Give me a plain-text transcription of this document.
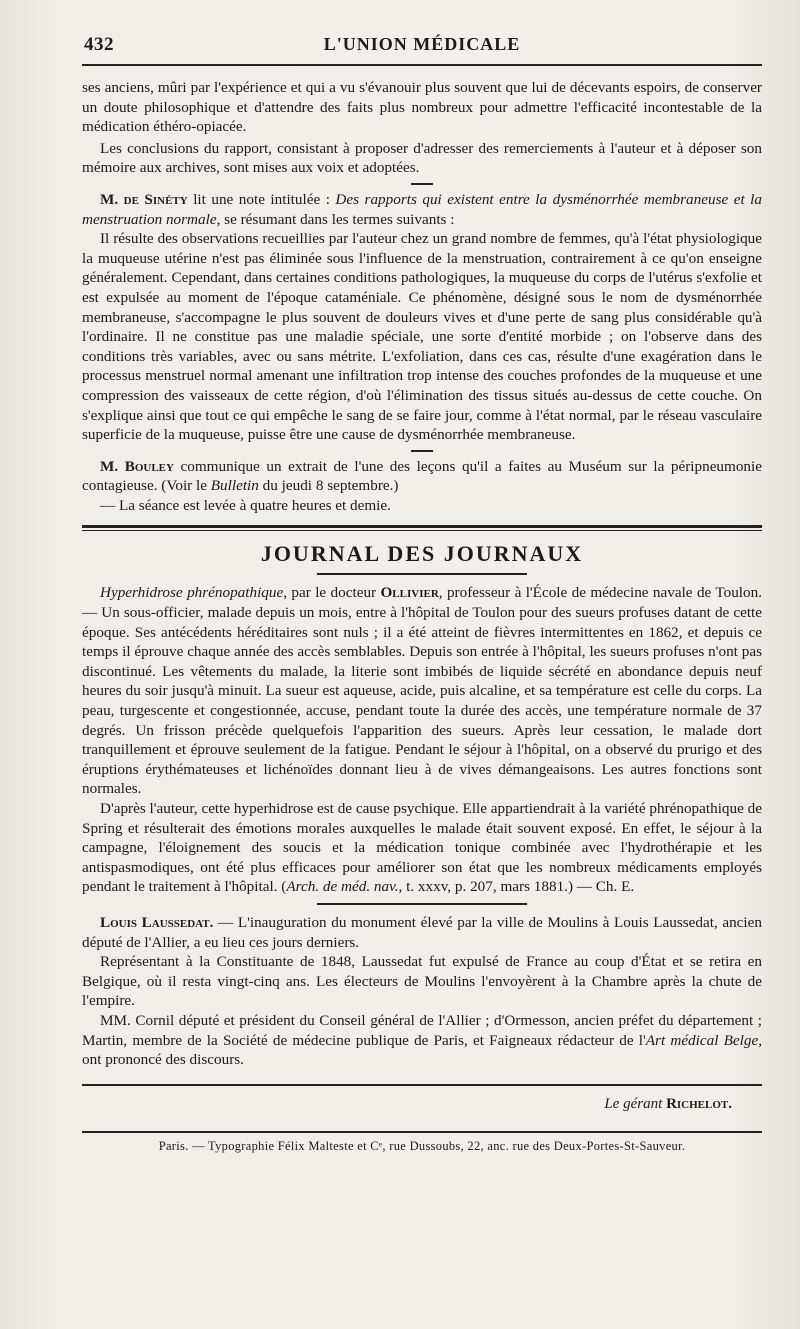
432	L'UNION MÉDICALE

ses anciens, mûri par l'expérience et qui a vu s'évanouir plus souvent que lui de décevants espoirs, de conserver un doute philosophique et d'attendre des faits plus nombreux pour admettre l'efficacité incontestable de la médication éthéro-opiacée.

Les conclusions du rapport, consistant à proposer d'adresser des remerciements à l'auteur et à déposer son mémoire aux archives, sont mises aux voix et adoptées.

M. de Sinéty lit une note intitulée : Des rapports qui existent entre la dysménorrhée membraneuse et la menstruation normale, se résumant dans les termes suivants :

Il résulte des observations recueillies par l'auteur chez un grand nombre de femmes, qu'à l'état physiologique la muqueuse utérine n'est pas éliminée sous l'influence de la menstruation, contrairement à ce qu'on enseigne généralement. Cependant, dans certaines conditions pathologiques, la muqueuse du corps de l'utérus s'exfolie et est expulsée au moment de l'époque cataméniale. Ce phénomène, désigné sous le nom de dysménorrhée membraneuse, s'accompagne le plus souvent de douleurs vives et d'une perte de sang plus considérable qu'à l'ordinaire. Il ne constitue pas une maladie spéciale, une sorte d'entité morbide ; on l'observe dans des conditions très variables, avec ou sans métrite. L'exfoliation, dans ces cas, résulte d'une exagération dans le processus menstruel normal amenant une infiltration trop intense des couches profondes de la muqueuse et une compression des vaisseaux de cette région, d'où l'élimination des tissus situés au-dessus de cette couche. On s'explique ainsi que tout ce qui empêche le sang de se faire jour, comme à l'état normal, par le réseau vasculaire superficie de la muqueuse, puisse être une cause de dysménorrhée membraneuse.

M. Bouley communique un extrait de l'une des leçons qu'il a faites au Muséum sur la péripneumonie contagieuse. (Voir le Bulletin du jeudi 8 septembre.)

— La séance est levée à quatre heures et demie.

JOURNAL DES JOURNAUX

Hyperhidrose phrénopathique, par le docteur Ollivier, professeur à l'École de médecine navale de Toulon. — Un sous-officier, malade depuis un mois, entre à l'hôpital de Toulon pour des sueurs profuses datant de cette époque. Ses antécédents héréditaires sont nuls ; il a été atteint de fièvres intermittentes en 1862, et depuis ce temps il éprouve chaque année des accès semblables. Depuis son entrée à l'hôpital, les sueurs profuses n'ont pas discontinué. Les vêtements du malade, la literie sont imbibés de liquide sécrété en abondance depuis neuf heures du soir jusqu'à minuit. La sueur est aqueuse, acide, puis alcaline, et sa température est celle du corps. La peau, turgescente et congestionnée, accuse, pendant toute la durée des accès, une température normale de 37 degrés. Un frisson précède quelquefois l'apparition des sueurs. Après leur cessation, le malade dort tranquillement et éprouve seulement de la fatigue. Pendant le séjour à l'hôpital, on a observé du prurigo et des éruptions érythémateuses et lichénoïdes donnant lieu à de vives démangeaisons. Les autres fonctions sont normales.

D'après l'auteur, cette hyperhidrose est de cause psychique. Elle appartiendrait à la variété phrénopathique de Spring et résulterait des émotions morales auxquelles le malade était souvent exposé. En effet, le séjour à la campagne, l'éloignement des soucis et la médication tonique combinée avec l'hydrothérapie et les antispasmodiques, ont été plus efficaces pour améliorer son état que les nombreux médicaments employés pendant le traitement à l'hôpital. (Arch. de méd. nav., t. xxxv, p. 207, mars 1881.) — Ch. E.

Louis Laussedat. — L'inauguration du monument élevé par la ville de Moulins à Louis Laussedat, ancien député de l'Allier, a eu lieu ces jours derniers.

Représentant à la Constituante de 1848, Laussedat fut expulsé de France au coup d'État et se retira en Belgique, où il resta vingt-cinq ans. Les électeurs de Moulins l'envoyèrent à la Chambre après la chute de l'empire.

MM. Cornil député et président du Conseil général de l'Allier ; d'Ormesson, ancien préfet du département ; Martin, membre de la Société de médecine publique de Paris, et Faigneaux rédacteur de l'Art médical Belge, ont prononcé des discours.

Le gérant Richelot.
Paris. — Typographie Félix Malteste et Cᵉ, rue Dussoubs, 22, anc. rue des Deux-Portes-St-Sauveur.
